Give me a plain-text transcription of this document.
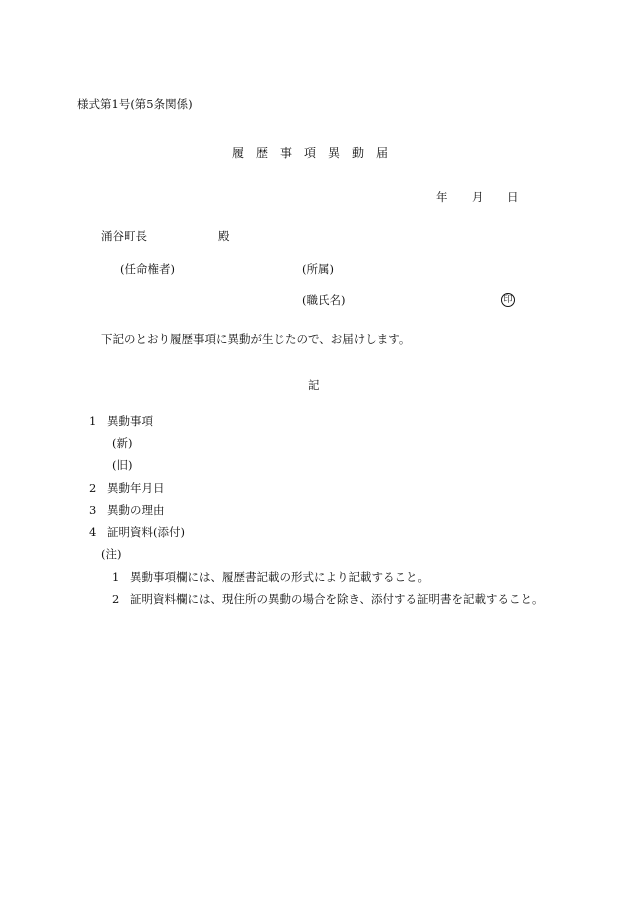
様式第1号(第5条関係)
履　歴　事　項　異　動　届
年 月 日
涌谷町長	殿
(任命権者)	(所属)
(職氏名)	印
下記のとおり履歴事項に異動が生じたので、お届けします。
記
1 異動事項
(新)
(旧)
2 異動年月日
3 異動の理由
4 証明資料(添付)
(注)
1 異動事項欄には、履歴書記載の形式により記載すること。
2 証明資料欄には、現住所の異動の場合を除き、添付する証明書を記載すること。
